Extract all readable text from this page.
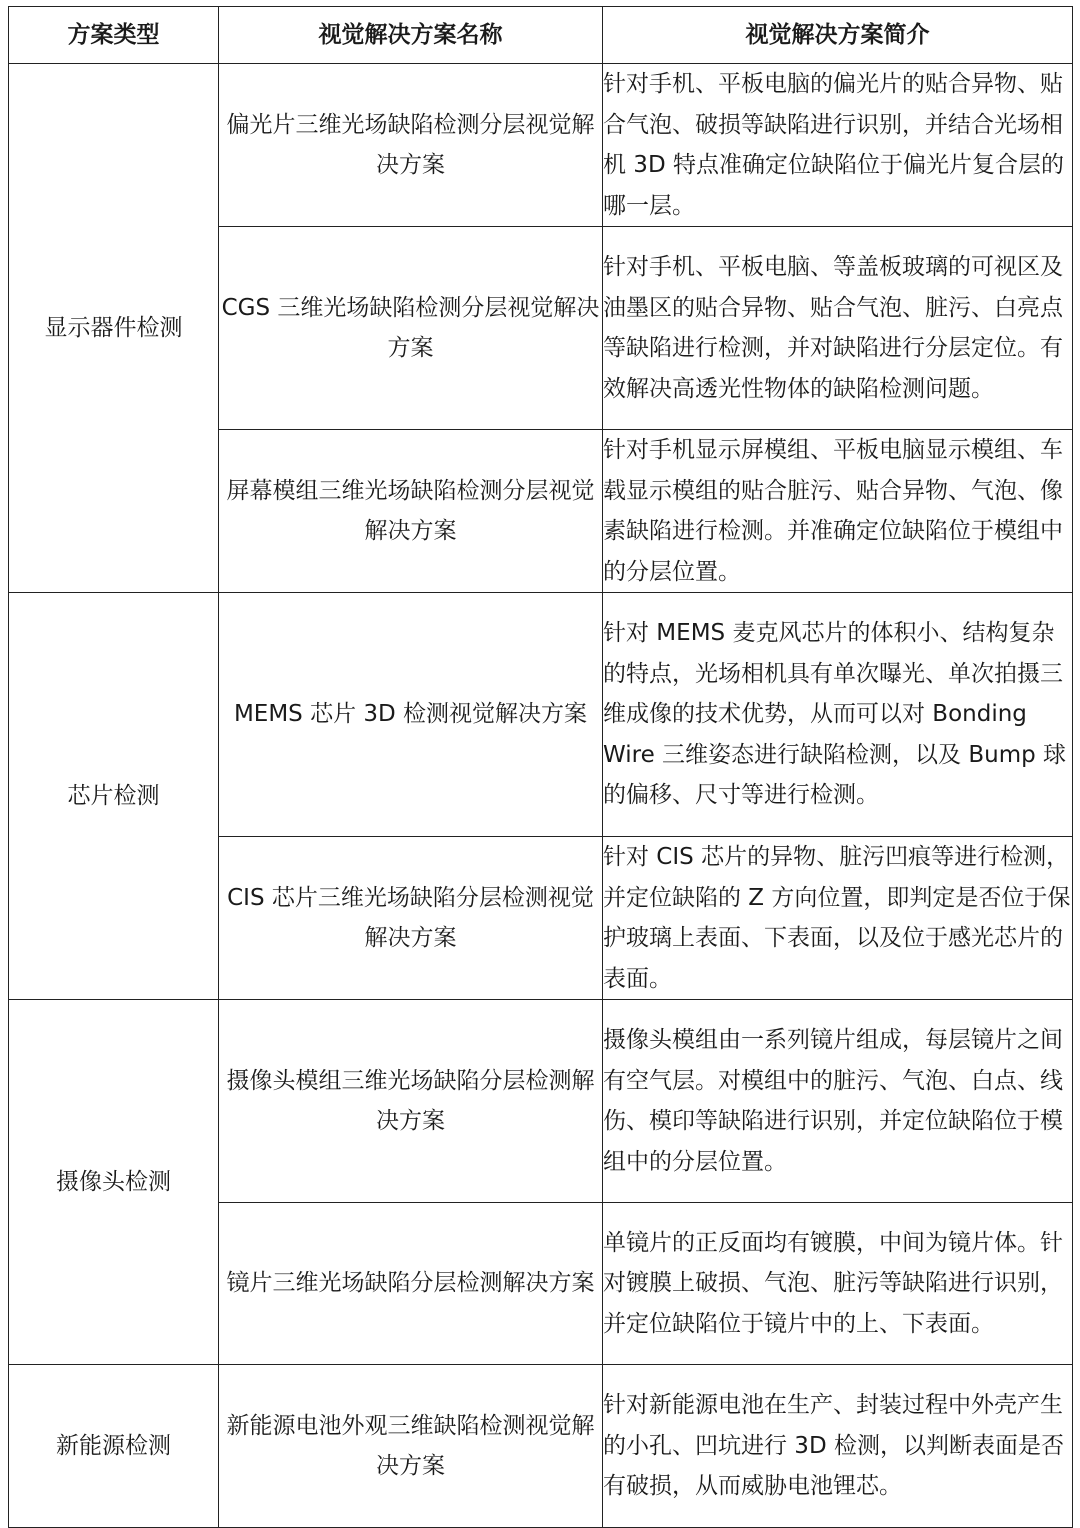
方案类型	视觉解决方案名称	视觉解决方案简介
显示器件检测	偏光片三维光场缺陷检测分层视觉解决方案	针对手机、平板电脑的偏光片的贴合异物、贴合气泡、破损等缺陷进行识别，并结合光场相机 3D 特点准确定位缺陷位于偏光片复合层的哪一层。
	CGS 三维光场缺陷检测分层视觉解决方案	针对手机、平板电脑、等盖板玻璃的可视区及油墨区的贴合异物、贴合气泡、脏污、白亮点等缺陷进行检测，并对缺陷进行分层定位。有效解决高透光性物体的缺陷检测问题。
	屏幕模组三维光场缺陷检测分层视觉解决方案	针对手机显示屏模组、平板电脑显示模组、车载显示模组的贴合脏污、贴合异物、气泡、像素缺陷进行检测。并准确定位缺陷位于模组中的分层位置。
芯片检测	MEMS 芯片 3D 检测视觉解决方案	针对 MEMS 麦克风芯片的体积小、结构复杂的特点，光场相机具有单次曝光、单次拍摄三维成像的技术优势，从而可以对 Bonding Wire 三维姿态进行缺陷检测，以及 Bump 球的偏移、尺寸等进行检测。
	CIS 芯片三维光场缺陷分层检测视觉解决方案	针对 CIS 芯片的异物、脏污凹痕等进行检测，并定位缺陷的 Z 方向位置，即判定是否位于保护玻璃上表面、下表面，以及位于感光芯片的表面。
摄像头检测	摄像头模组三维光场缺陷分层检测解决方案	摄像头模组由一系列镜片组成，每层镜片之间有空气层。对模组中的脏污、气泡、白点、线伤、模印等缺陷进行识别，并定位缺陷位于模组中的分层位置。
	镜片三维光场缺陷分层检测解决方案	单镜片的正反面均有镀膜，中间为镜片体。针对镀膜上破损、气泡、脏污等缺陷进行识别，并定位缺陷位于镜片中的上、下表面。
新能源检测	新能源电池外观三维缺陷检测视觉解决方案	针对新能源电池在生产、封装过程中外壳产生的小孔、凹坑进行 3D 检测，以判断表面是否有破损，从而威胁电池锂芯。
